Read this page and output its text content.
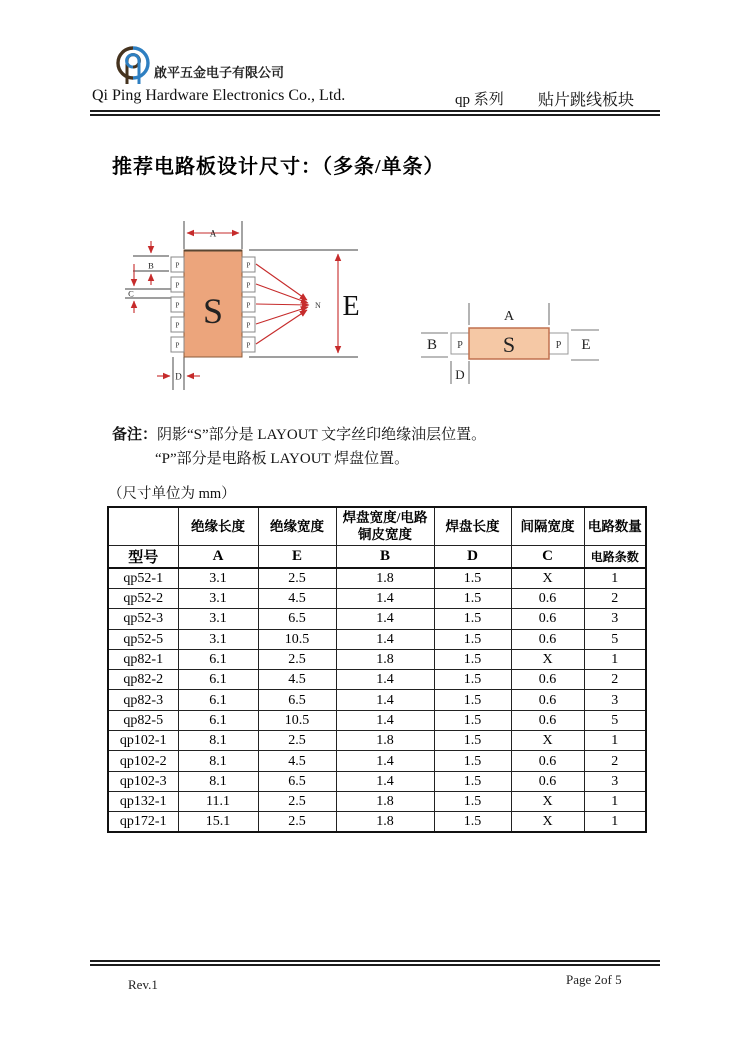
啟平五金电子有限公司
Qi Ping Hardware Electronics Co., Ltd.	qp 系列 贴片跳线板块
推荐电路板设计尺寸：（多条/单条）
S
P
P
P
P
P
P
P
P
P
P
A
B
C
D
N E	A
B P S	P E
D
备注：阴影“S”部分是 LAYOUT 文字丝印绝缘油层位置。
“P”部分是电路板 LAYOUT 焊盘位置。
（尺寸单位为 mm）
	绝缘长度	绝缘宽度	焊盘宽度/电路铜皮宽度	焊盘长度	间隔宽度	电路数量
型号	A	E	B	D	C	电路条数
qp52-1	3.1	2.5	1.8	1.5	X	1
qp52-2	3.1	4.5	1.4	1.5	0.6	2
qp52-3	3.1	6.5	1.4	1.5	0.6	3
qp52-5	3.1	10.5	1.4	1.5	0.6	5
qp82-1	6.1	2.5	1.8	1.5	X	1
qp82-2	6.1	4.5	1.4	1.5	0.6	2
qp82-3	6.1	6.5	1.4	1.5	0.6	3
qp82-5	6.1	10.5	1.4	1.5	0.6	5
qp102-1	8.1	2.5	1.8	1.5	X	1
qp102-2	8.1	4.5	1.4	1.5	0.6	2
qp102-3	8.1	6.5	1.4	1.5	0.6	3
qp132-1	11.1	2.5	1.8	1.5	X	1
qp172-1	15.1	2.5	1.8	1.5	X	1
Rev.1	Page 2of 5
